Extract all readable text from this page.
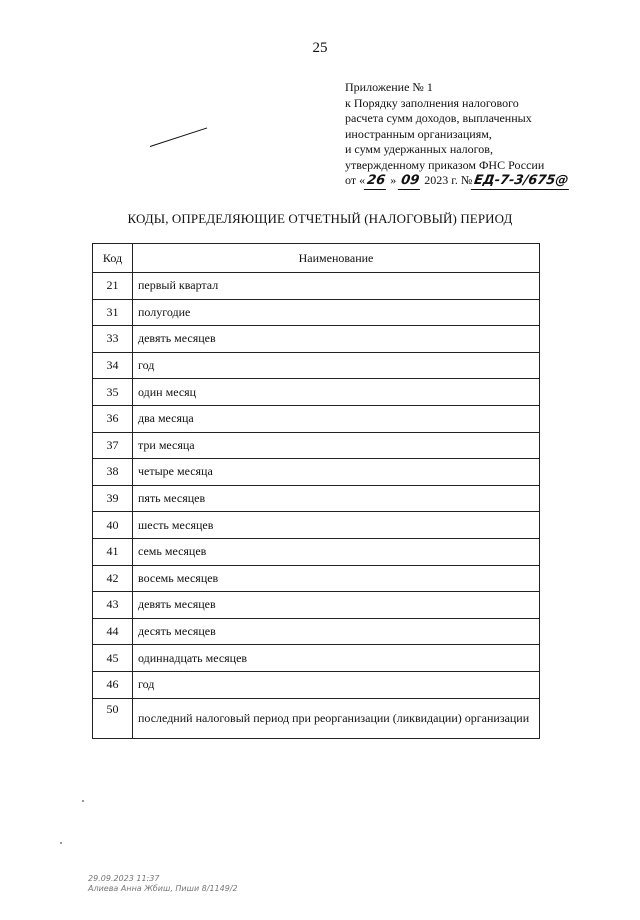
25
Приложение № 1
к Порядку заполнения налогового
расчета сумм доходов, выплаченных
иностранным организациям,
и сумм удержанных налогов,
утвержденному приказом ФНС России
от «26 » 09 2023 г. №ЕД-7-3/675@
КОДЫ, ОПРЕДЕЛЯЮЩИЕ ОТЧЕТНЫЙ (НАЛОГОВЫЙ) ПЕРИОД
Код	Наименование
21	первый квартал
31	полугодие
33	девять месяцев
34	год
35	один месяц
36	два месяца
37	три месяца
38	четыре месяца
39	пять месяцев
40	шесть месяцев
41	семь месяцев
42	восемь месяцев
43	девять месяцев
44	десять месяцев
45	одиннадцать месяцев
46	год
50	последний налоговый период при реорганизации (ликвидации) организации
29.09.2023 11:37
Алиева Анна Жбиш, Пиши 8/1149/2
